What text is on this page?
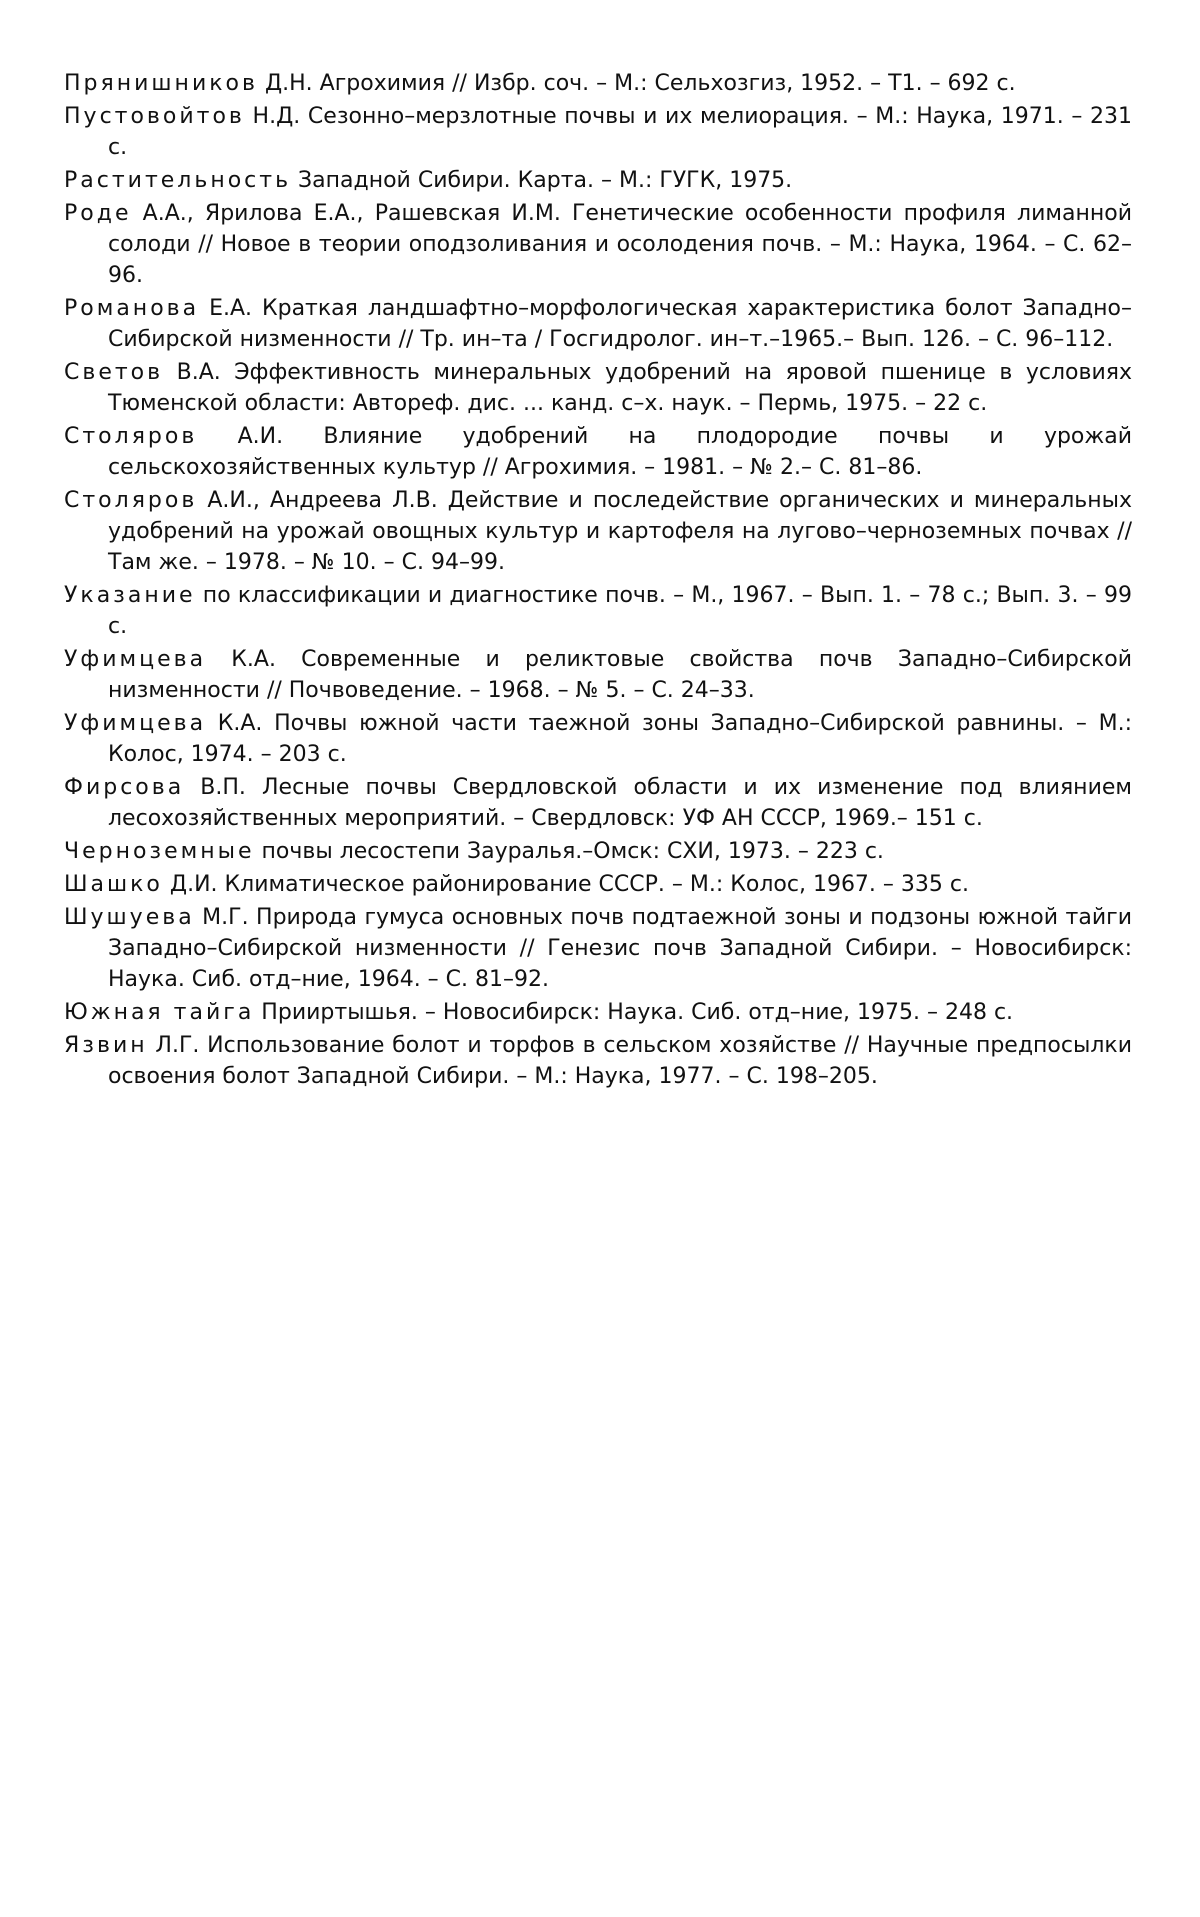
Прянишников Д.Н. Агрохимия // Избр. соч. – М.: Сельхозгиз, 1952. – Т1. – 692 с.

Пустовойтов Н.Д. Сезонно–мерзлотные почвы и их мелиорация. – М.: Наука, 1971. – 231 с.

Растительность Западной Сибири. Карта. – М.: ГУГК, 1975.

Роде А.А., Ярилова Е.А., Рашевская И.М. Генетические особенности профиля лиманной солоди // Новое в теории оподзоливания и осолодения почв. – М.: Наука, 1964. – С. 62–96.

Романова Е.А. Краткая ландшафтно–морфологическая характеристика болот Западно–Сибирской низменности // Тр. ин–та / Госгидролог. ин–т.–1965.– Вып. 126. – С. 96–112.

Светов В.А. Эффективность минеральных удобрений на яровой пшенице в условиях Тюменской области: Автореф. дис. ... канд. с–х. наук. – Пермь, 1975. – 22 с.

Столяров А.И. Влияние удобрений на плодородие почвы и урожай сельскохозяйственных культур // Агрохимия. – 1981. – № 2.– С. 81–86.

Столяров А.И., Андреева Л.В. Действие и последействие органических и минеральных удобрений на урожай овощных культур и картофеля на лугово–черноземных почвах // Там же. – 1978. – № 10. – С. 94–99.

Указание по классификации и диагностике почв. – М., 1967. – Вып. 1. – 78 с.; Вып. 3. – 99 с.

Уфимцева К.А. Современные и реликтовые свойства почв Западно–Сибирской низменности // Почвоведение. – 1968. – № 5. – С. 24–33.

Уфимцева К.А. Почвы южной части таежной зоны Западно–Сибирской равнины. – М.: Колос, 1974. – 203 с.

Фирсова В.П. Лесные почвы Свердловской области и их изменение под влиянием лесохозяйственных мероприятий. – Свердловск: УФ АН СССР, 1969.– 151 с.

Черноземные почвы лесостепи Зауралья.–Омск: СХИ, 1973. – 223 с.

Шашко Д.И. Климатическое районирование СССР. – М.: Колос, 1967. – 335 с.

Шушуева М.Г. Природа гумуса основных почв подтаежной зоны и подзоны южной тайги Западно–Сибирской низменности // Генезис почв Западной Сибири. – Новосибирск: Наука. Сиб. отд–ние, 1964. – С. 81–92.

Южная тайга Прииртышья. – Новосибирск: Наука. Сиб. отд–ние, 1975. – 248 с.

Язвин Л.Г. Использование болот и торфов в сельском хозяйстве // Научные предпосылки освоения болот Западной Сибири. – М.: Наука, 1977. – С. 198–205.
